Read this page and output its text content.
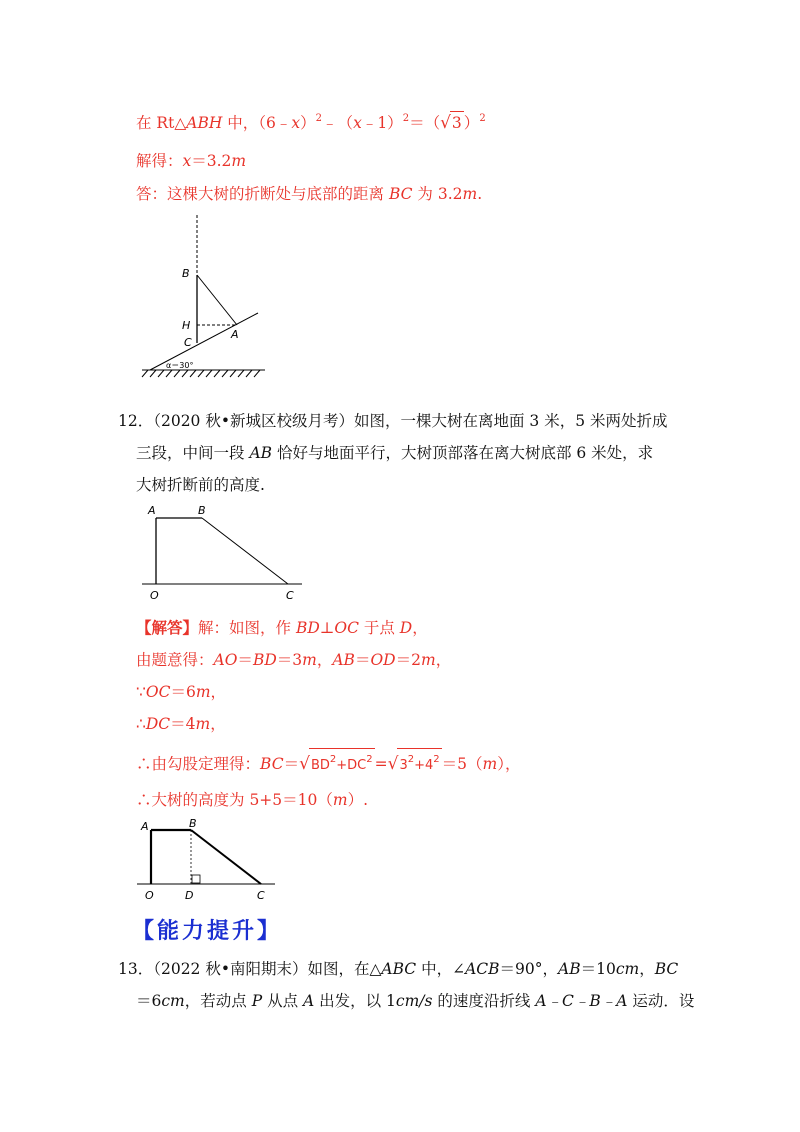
在 Rt△ABH 中，（6﹣x）$^2$﹣（x﹣1）$^2$＝（√3 ）$^2$
解得：x＝3.2m
答：这棵大树的折断处与底部的距离 BC 为 3.2m.
B
H
C
A
α＝30°
12．（2020 秋•新城区校级月考）如图，一棵大树在离地面 3 米，5 米两处折成
三段，中间一段 AB 恰好与地面平行，大树顶部落在离大树底部 6 米处，求
大树折断前的高度.
A	B
O	C
【解答】解：如图，作 BD⊥OC 于点 D，
由题意得：AO＝BD＝3m，AB＝OD＝2m，
∵OC＝6m，
∴DC＝4m，
∴由勾股定理得：$BC=√BD^2+DC^2 =√3^2+4^2 =5(m)$，
∴大树的高度为 5+5＝10（m）.
A	B
O	D	C
【能力提升】
13．（2022 秋•南阳期末）如图，在△ABC 中，∠ACB＝90°，AB＝10cm，BC
＝6cm，若动点 P 从点 A 出发，以 1cm/s 的速度沿折线 A﹣C﹣B﹣A 运动．设
